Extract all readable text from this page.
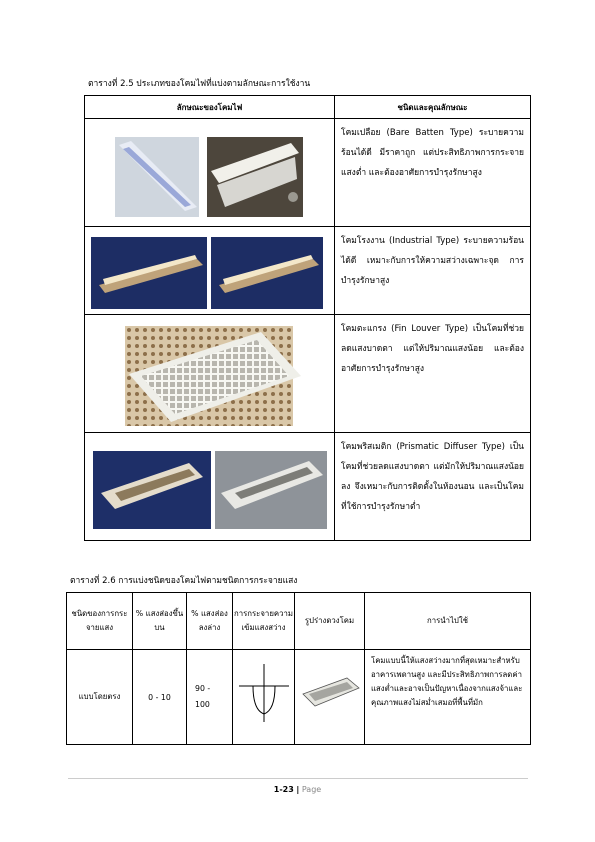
ตารางที่ 2.5 ประเภทของโคมไฟที่แบ่งตามลักษณะการใช้งาน
ลักษณะของโคมไฟ	ชนิดและคุณลักษณะ

	โคมเปลือย (Bare Batten Type) ระบายความร้อนได้ดี มีราคาถูก แต่ประสิทธิภาพการกระจายแสงต่ำ และต้องอาศัยการบำรุงรักษาสูง

	โคมโรงงาน (Industrial Type) ระบายความร้อนได้ดี เหมาะกับการให้ความสว่างเฉพาะจุด การบำรุงรักษาสูง

	โคมตะแกรง (Fin Louver Type) เป็นโคมที่ช่วยลดแสงบาดตา แต่ให้ปริมาณแสงน้อย และต้องอาศัยการบำรุงรักษาสูง

	โคมพริสเมติก (Prismatic Diffuser Type) เป็นโคมที่ช่วยลดแสงบาดตา แต่มักให้ปริมาณแสงน้อยลง จึงเหมาะกับการติดตั้งในห้องนอน และเป็นโคมที่ใช้การบำรุงรักษาต่ำ
ตารางที่ 2.6 การแบ่งชนิดของโคมไฟตามชนิดการกระจายแสง
ชนิดของการกระจายแสง	% แสงส่องขึ้นบน	% แสงส่องลงล่าง	การกระจายความเข้มแสงสว่าง	รูปร่างดวงโคม	การนำไปใช้
แบบโดยตรง	0 - 10	90 - 100			โคมแบบนี้ให้แสงสว่างมากที่สุดเหมาะสำหรับอาคารเพดานสูง และมีประสิทธิภาพการลดค่าแสงต่ำและอาจเป็นปัญหาเนื่องจากแสงจ้าและคุณภาพแสงไม่สม่ำเสมอที่พื้นที่มัก
1-23 | Page
